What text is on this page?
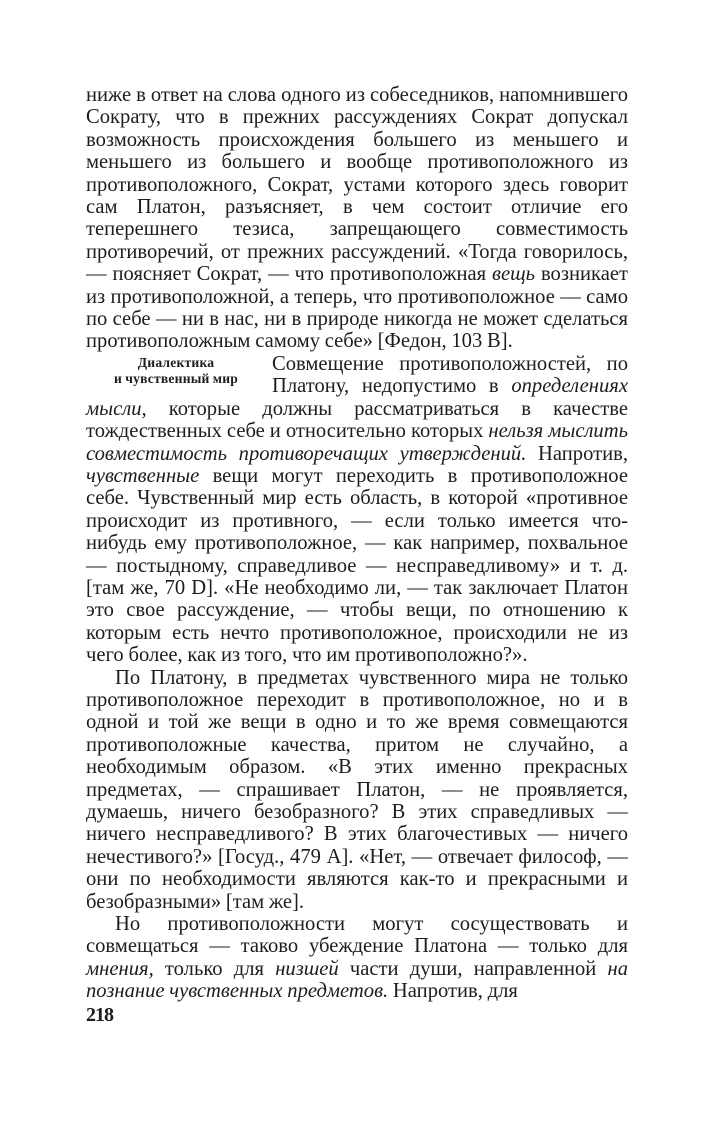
ниже в ответ на слова одного из собеседников, напомнившего Сократу, что в прежних рассуждениях Сократ допускал возможность происхождения большего из меньшего и меньшего из большего и вообще противоположного из противоположного, Сократ, устами которого здесь говорит сам Платон, разъясняет, в чем состоит отличие его теперешнего тезиса, запрещающего совместимость противоречий, от прежних рассуждений. «Тогда говорилось, — поясняет Сократ, — что противоположная вещь возникает из противоположной, а теперь, что противоположное — само по себе — ни в нас, ни в природе никогда не может сделаться противоположным самому себе» [Федон, 103 B].

Диалектика
и чувственный мир
Совмещение противоположностей, по Платону, недопустимо в определениях мысли, которые должны рассматриваться в качестве тождественных себе и относительно которых нельзя мыслить совместимость противоречащих утверждений. Напротив, чувственные вещи могут переходить в противоположное себе. Чувственный мир есть область, в которой «противное происходит из противного, — если только имеется что-нибудь ему противоположное, — как например, похвальное — постыдному, справедливое — несправедливому» и т. д. [там же, 70 D]. «Не необходимо ли, — так заключает Платон это свое рассуждение, — чтобы вещи, по отношению к которым есть нечто противоположное, происходили не из чего более, как из того, что им противоположно?».

По Платону, в предметах чувственного мира не только противоположное переходит в противоположное, но и в одной и той же вещи в одно и то же время совмещаются противоположные качества, притом не случайно, а необходимым образом. «В этих именно прекрасных предметах, — спрашивает Платон, — не проявляется, думаешь, ничего безобразного? В этих справедливых — ничего несправедливого? В этих благочестивых — ничего нечестивого?» [Госуд., 479 A]. «Нет, — отвечает философ, — они по необходимости являются как-то и прекрасными и безобразными» [там же].

Но противоположности могут сосуществовать и совмещаться — таково убеждение Платона — только для мнения, только для низшей части души, направленной на познание чувственных предметов. Напротив, для

218
